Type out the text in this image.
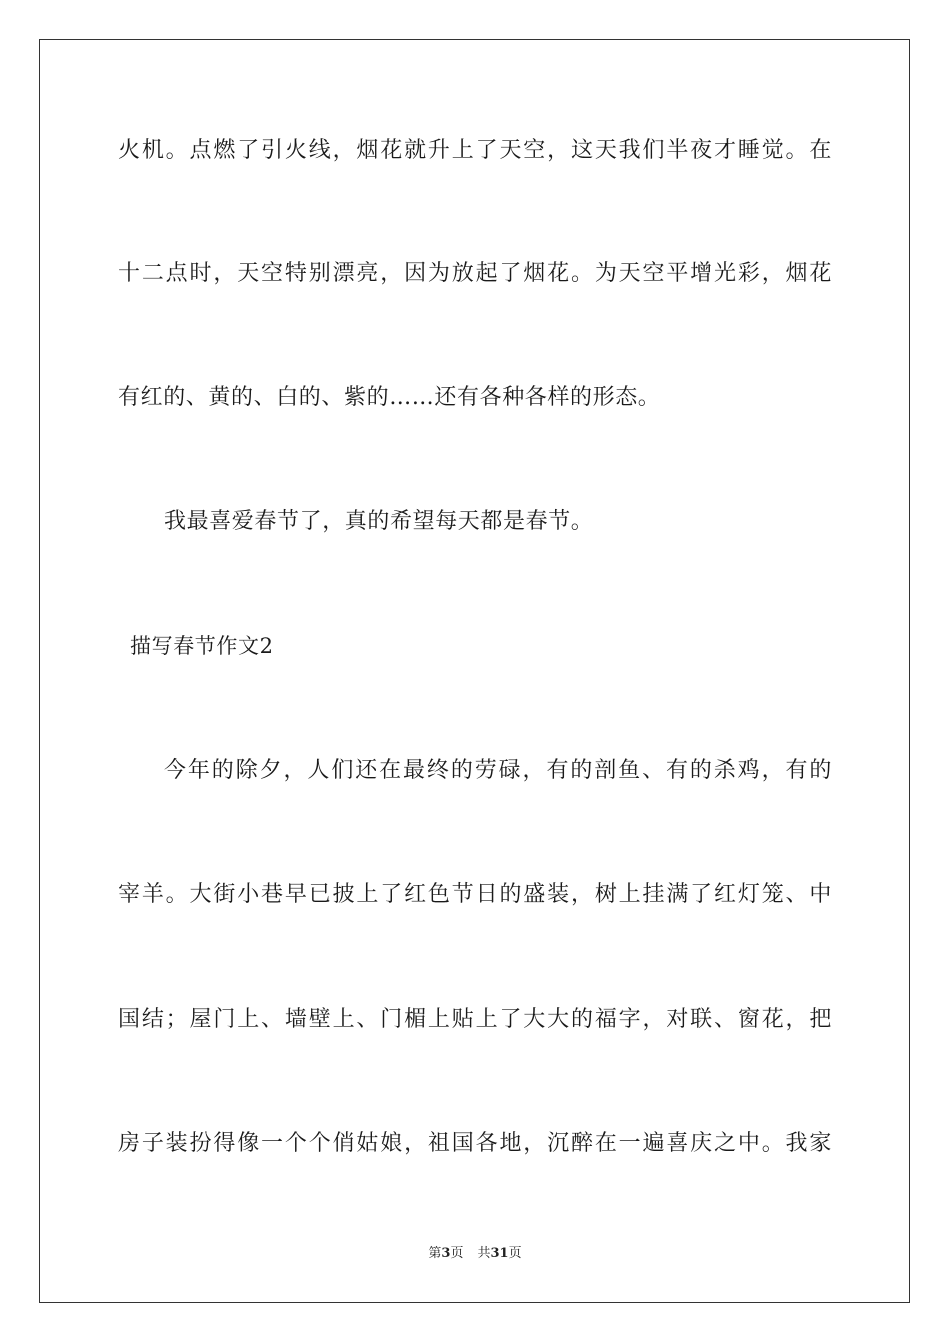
火机。点燃了引火线，烟花就升上了天空，这天我们半夜才睡觉。在
十二点时，天空特别漂亮，因为放起了烟花。为天空平增光彩，烟花
有红的、黄的、白的、紫的……还有各种各样的形态。
我最喜爱春节了，真的希望每天都是春节。
描写春节作文2
今年的除夕，人们还在最终的劳碌，有的剖鱼、有的杀鸡，有的
宰羊。大街小巷早已披上了红色节日的盛装，树上挂满了红灯笼、中
国结；屋门上、墙壁上、门楣上贴上了大大的福字，对联、窗花，把
房子装扮得像一个个俏姑娘，祖国各地，沉醉在一遍喜庆之中。我家
第3页 共31页
